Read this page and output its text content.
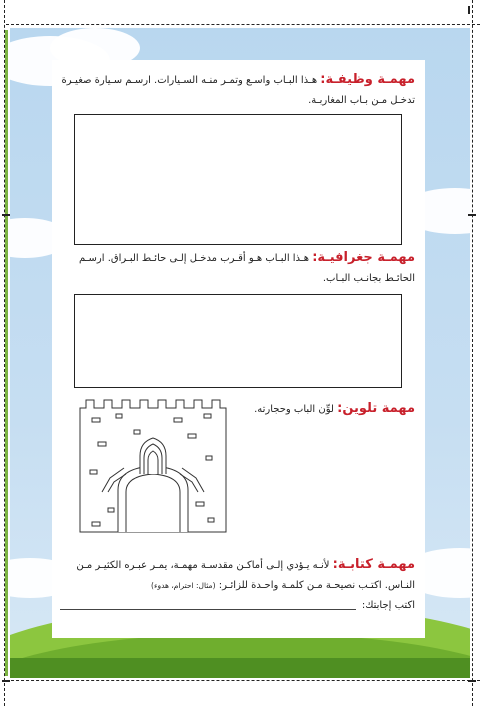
مهمـة وظيفـة: هـذا البـاب واسـع وتمـر منـه السـيارات. ارسـم سـيارة صغيـرة تدخـل مـن بـاب المغاربـة.
مهمـة جغرافيـة: هـذا البـاب هـو أقـرب مدخـل إلـى حائـط البـراق. ارسـم الحائـط بجانـب البـاب.
مهمة تلوين: لوِّن الباب وحجارته.
مهمـة كتابـة: لأنـه يـؤدي إلـى أماكـن مقدسـة مهمـة، يمـر عبـره الكثيـر مـن النـاس. اكتـب نصيحـة مـن كلمـة واحـدة للزائـر: (مثال: احترام، هدوء)
اكتب إجابتك:
